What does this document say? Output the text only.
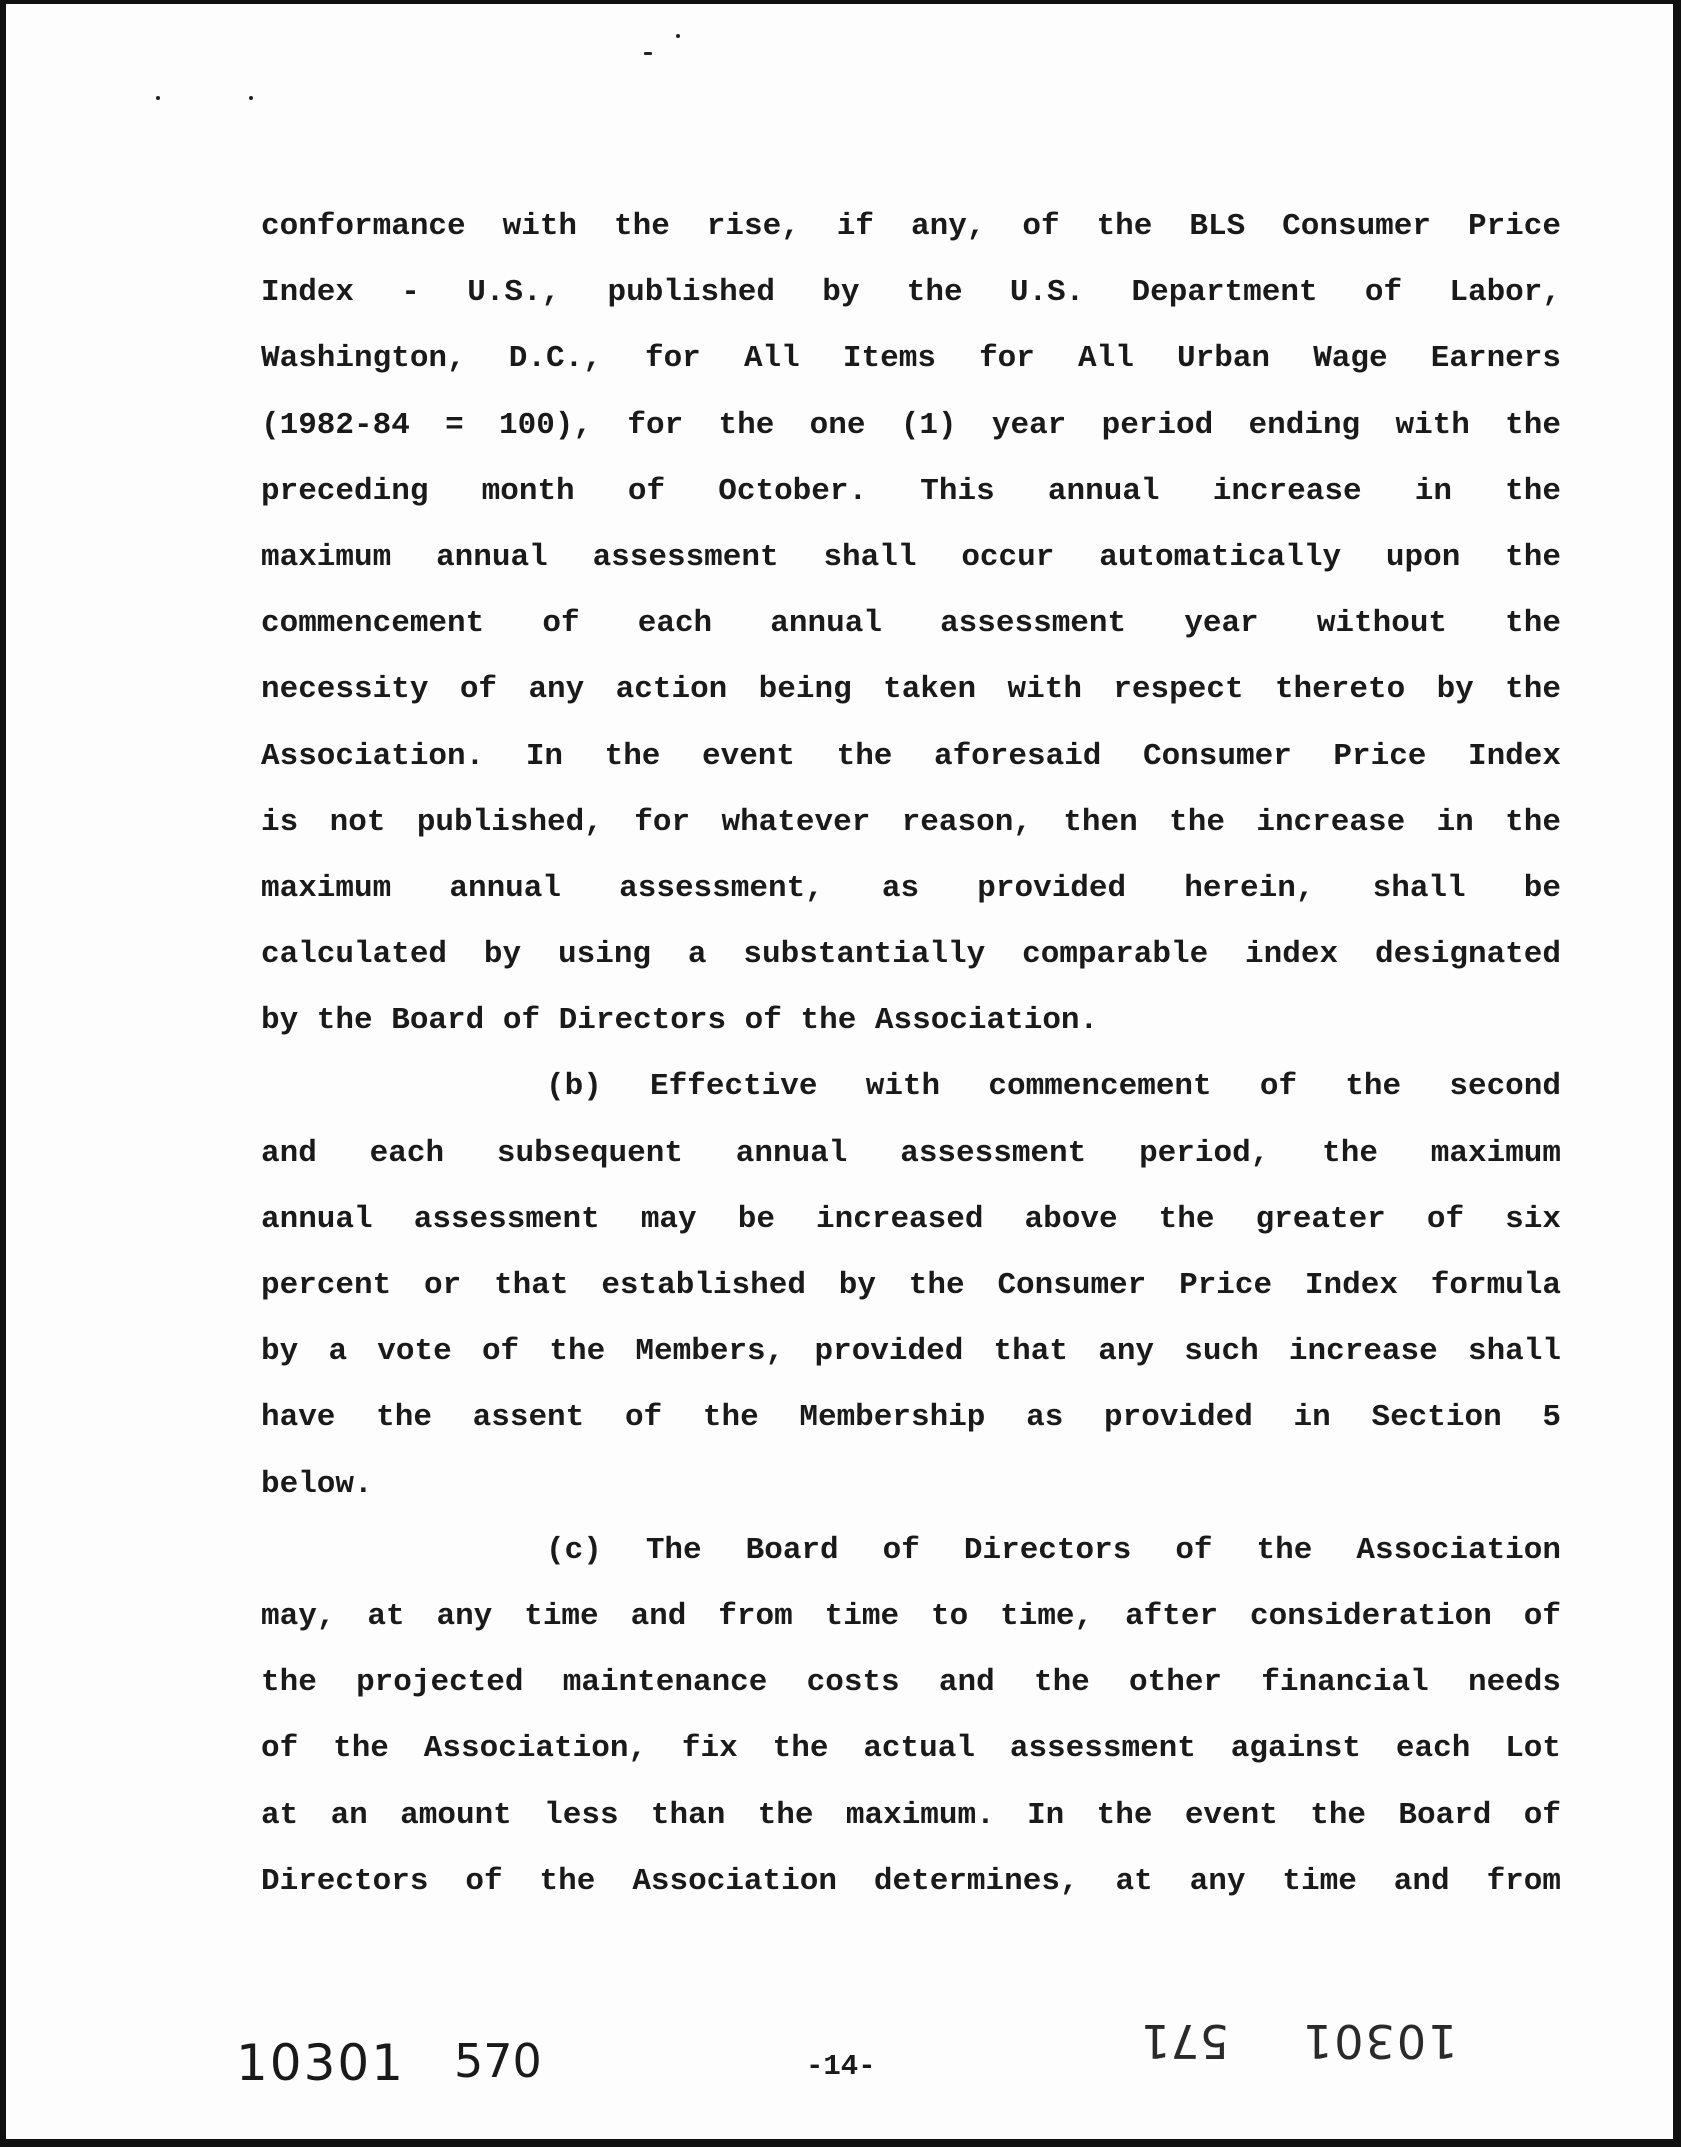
conformance with the rise, if any, of the BLS Consumer Price
Index - U.S., published by the U.S. Department of Labor,
Washington, D.C., for All Items for All Urban Wage Earners
(1982-84 = 100), for the one (1) year period ending with the
preceding month of October. This annual increase in the
maximum annual assessment shall occur automatically upon the
commencement of each annual assessment year without the
necessity of any action being taken with respect thereto by the
Association. In the event the aforesaid Consumer Price Index
is not published, for whatever reason, then the increase in the
maximum annual assessment, as provided herein, shall be
calculated by using a substantially comparable index designated
by the Board of Directors of the Association.
(b) Effective with commencement of the second
and each subsequent annual assessment period, the maximum
annual assessment may be increased above the greater of six
percent or that established by the Consumer Price Index formula
by a vote of the Members, provided that any such increase shall
have the assent of the Membership as provided in Section 5
below.
(c) The Board of Directors of the Association
may, at any time and from time to time, after consideration of
the projected maintenance costs and the other financial needs
of the Association, fix the actual assessment against each Lot
at an amount less than the maximum. In the event the Board of
Directors of the Association determines, at any time and from
10301 570	-14-	571 10301
